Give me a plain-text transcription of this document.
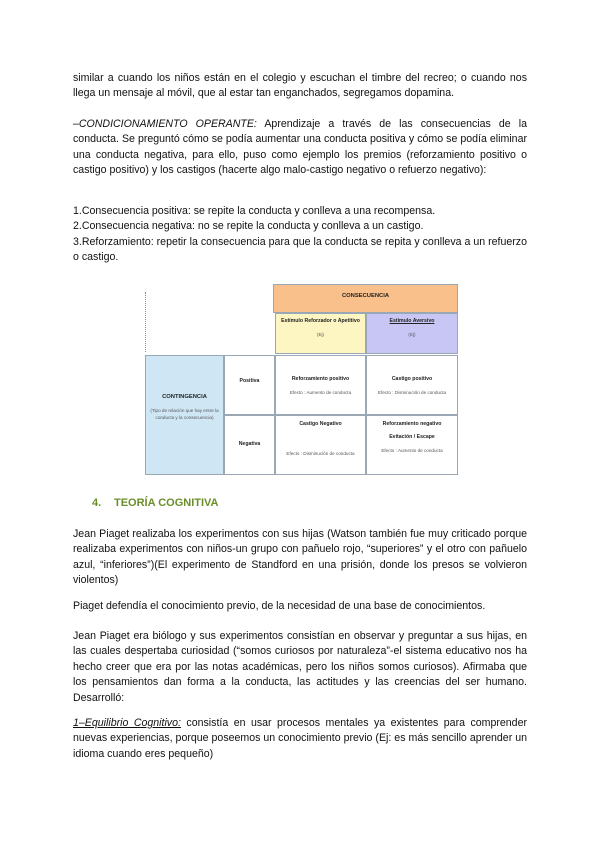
similar a cuando los niños están en el colegio y escuchan el timbre del recreo; o cuando nos llega un mensaje al móvil, que al estar tan enganchados, segregamos dopamina.

–CONDICIONAMIENTO OPERANTE: Aprendizaje a través de las consecuencias de la conducta. Se preguntó cómo se podía aumentar una conducta positiva y cómo se podía eliminar una conducta negativa, para ello, puso como ejemplo los premios (reforzamiento positivo o castigo positivo) y los castigos (hacerte algo malo-castigo negativo o refuerzo negativo):

1.Consecuencia positiva: se repite la conducta y conlleva a una recompensa.

2.Consecuencia negativa: no se repite la conducta y conlleva a un castigo.

3.Reforzamiento: repetir la consecuencia para que la conducta se repita y conlleva a un refuerzo o castigo.

CONSECUENCIA
Estímulo Reforzador o Apetitivo
(Ej)
Estímulo Aversivo
(Ej)
CONTINGENCIA
(Tipo de relación que hay entre la conducta y la consecuencia)
Positiva
Negativa
Reforzamiento positivo
Efecto : Aumento de conducta
Castigo positivo
Efecto : Disminución de conducta
Castigo Negativo
Efecto : Disminución de conducta
Reforzamiento negativo
Evitación / Escape
Efecto : Aumento de conducta
4. TEORÍA COGNITIVA

Jean Piaget realizaba los experimentos con sus hijas (Watson también fue muy criticado porque realizaba experimentos con niños-un grupo con pañuelo rojo, “superiores” y el otro con pañuelo azul, “inferiores”)(El experimento de Standford en una prisión, donde los presos se volvieron violentos)

Piaget defendía el conocimiento previo, de la necesidad de una base de conocimientos.

Jean Piaget era biólogo y sus experimentos consistían en observar y preguntar a sus hijas, en las cuales despertaba curiosidad (“somos curiosos por naturaleza”-el sistema educativo nos ha hecho creer que era por las notas académicas, pero los niños somos curiosos). Afirmaba que los pensamientos dan forma a la conducta, las actitudes y las creencias del ser humano. Desarrolló:

1–Equilibrio Cognitivo: consistía en usar procesos mentales ya existentes para comprender nuevas experiencias, porque poseemos un conocimiento previo (Ej: es más sencillo aprender un idioma cuando eres pequeño)
